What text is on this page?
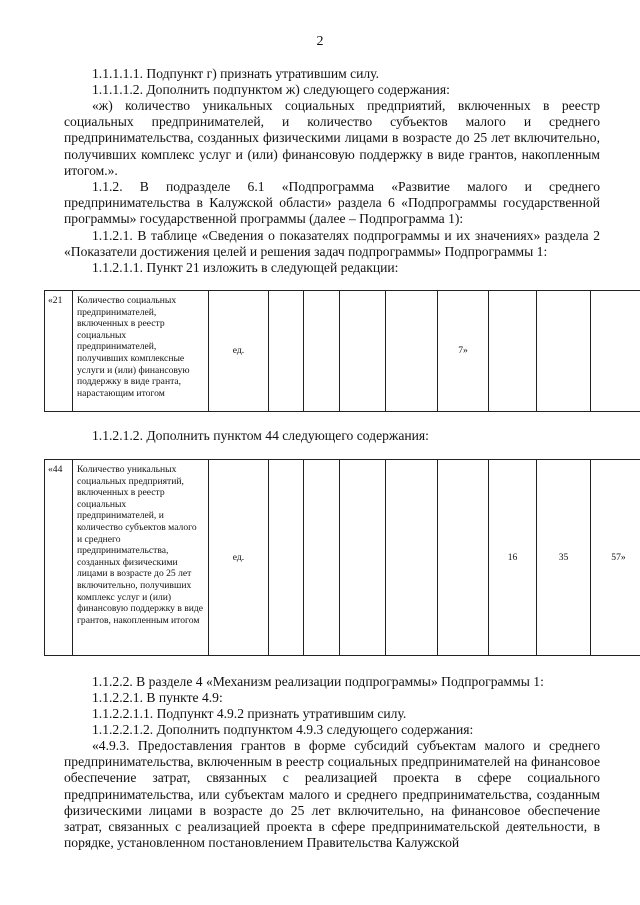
2

1.1.1.1.1. Подпункт г) признать утратившим силу.

1.1.1.1.2. Дополнить подпунктом ж) следующего содержания:

«ж) количество уникальных социальных предприятий, включенных в реестр социальных предпринимателей, и количество субъектов малого и среднего предпринимательства, созданных физическими лицами в возрасте до 25 лет включительно, получивших комплекс услуг и (или) финансовую поддержку в виде грантов, накопленным итогом.».

1.1.2. В подразделе 6.1 «Подпрограмма «Развитие малого и среднего предпринимательства в Калужской области» раздела 6 «Подпрограммы государственной программы» государственной программы (далее – Подпрограмма 1):

1.1.2.1. В таблице «Сведения о показателях подпрограммы и их значениях» раздела 2 «Показатели достижения целей и решения задач подпрограммы» Подпрограммы 1:

1.1.2.1.1. Пункт 21 изложить в следующей редакции:

«21	Количество социальных предпринимателей, включенных в реестр социальных предпринимателей, получивших комплексные услуги и (или) финансовую поддержку в виде гранта, нарастающим итогом	ед.					7»			

1.1.2.1.2. Дополнить пунктом 44 следующего содержания:

«44	Количество уникальных социальных предприятий, включенных в реестр социальных предпринимателей, и количество субъектов малого и среднего предпринимательства, созданных физическими лицами в возрасте до 25 лет включительно, получивших комплекс услуг и (или) финансовую поддержку в виде грантов, накопленным итогом	ед.						16	35	57»

1.1.2.2. В разделе 4 «Механизм реализации подпрограммы» Подпрограммы 1:

1.1.2.2.1. В пункте 4.9:

1.1.2.2.1.1. Подпункт 4.9.2 признать утратившим силу.

1.1.2.2.1.2. Дополнить подпунктом 4.9.3 следующего содержания:

«4.9.3. Предоставления грантов в форме субсидий субъектам малого и среднего предпринимательства, включенным в реестр социальных предпринимателей на финансовое обеспечение затрат, связанных с реализацией проекта в сфере социального предпринимательства, или субъектам малого и среднего предпринимательства, созданным физическими лицами в возрасте до 25 лет включительно, на финансовое обеспечение затрат, связанных с реализацией проекта в сфере предпринимательской деятельности, в порядке, установленном постановлением Правительства Калужской
